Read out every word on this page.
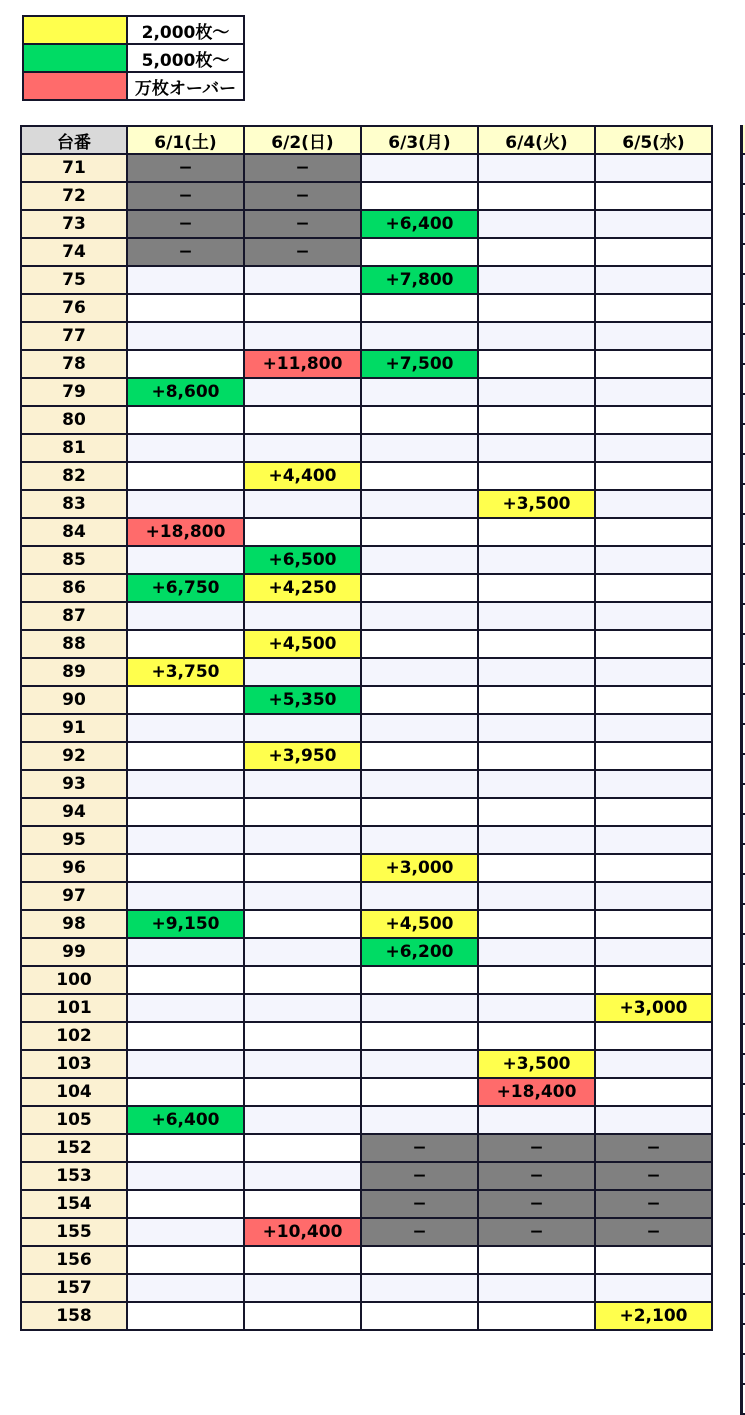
	2,000枚〜
	5,000枚〜
	万枚オーバー
台番	6/1(土)	6/2(日)	6/3(月)	6/4(火)	6/5(水)
71	−	−			
72	−	−			
73	−	−	+6,400		
74	−	−			
75			+7,800		
76					
77					
78		+11,800	+7,500		
79	+8,600				
80					
81					
82		+4,400			
83				+3,500	
84	+18,800				
85		+6,500			
86	+6,750	+4,250			
87					
88		+4,500			
89	+3,750				
90		+5,350			
91					
92		+3,950			
93					
94					
95					
96			+3,000		
97					
98	+9,150		+4,500		
99			+6,200		
100					
101					+3,000
102					
103				+3,500	
104				+18,400	
105	+6,400				
152			−	−	−
153			−	−	−
154			−	−	−
155		+10,400	−	−	−
156					
157					
158					+2,100
